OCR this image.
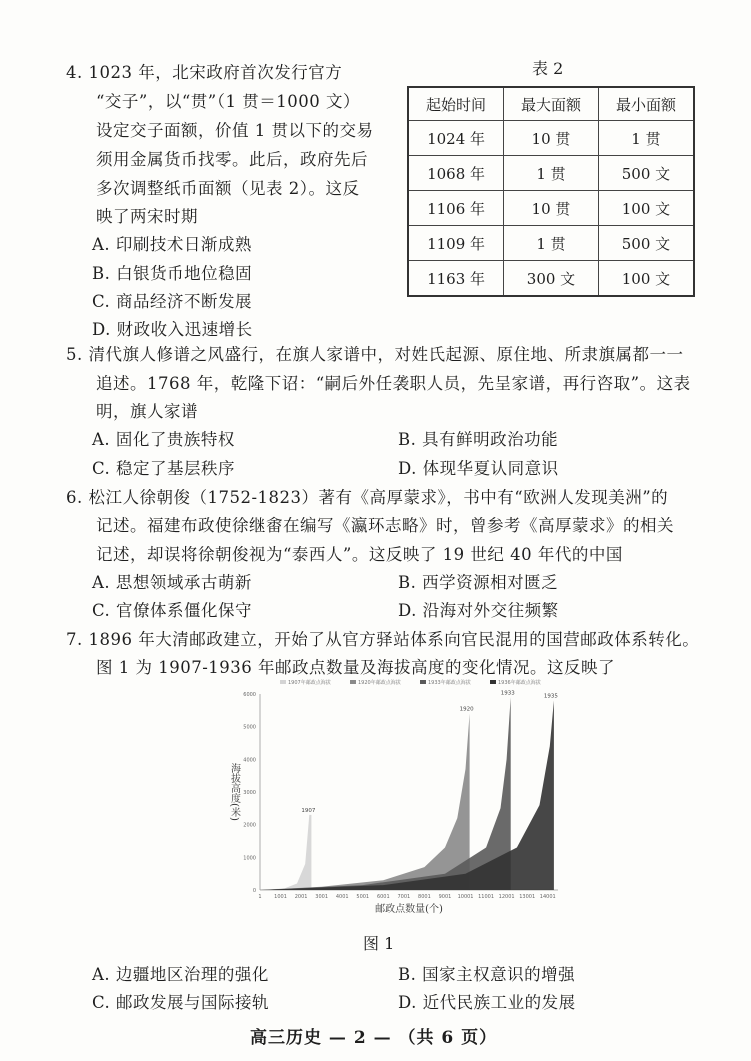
4. 1023 年，北宋政府首次发行官方
“交子”，以“贯”（1 贯＝1000 文）
设定交子面额，价值 1 贯以下的交易
须用金属货币找零。此后，政府先后
多次调整纸币面额（见表 2）。这反
映了两宋时期
A. 印刷技术日渐成熟
B. 白银货币地位稳固
C. 商品经济不断发展
D. 财政收入迅速增长
表 2
起始时间	最大面额	最小面额
1024 年	10 贯	1 贯
1068 年	1 贯	500 文
1106 年	10 贯	100 文
1109 年	1 贯	500 文
1163 年	300 文	100 文
5. 清代旗人修谱之风盛行，在旗人家谱中，对姓氏起源、原住地、所隶旗属都一一
追述。1768 年，乾隆下诏：“嗣后外任袭职人员，先呈家谱，再行咨取”。这表
明，旗人家谱
A. 固化了贵族特权	B. 具有鲜明政治功能
C. 稳定了基层秩序	D. 体现华夏认同意识
6. 松江人徐朝俊（1752-1823）著有《高厚蒙求》，书中有“欧洲人发现美洲”的
记述。福建布政使徐继畬在编写《瀛环志略》时，曾参考《高厚蒙求》的相关
记述，却误将徐朝俊视为“泰西人”。这反映了 19 世纪 40 年代的中国
A. 思想领域承古萌新	B. 西学资源相对匮乏
C. 官僚体系僵化保守	D. 沿海对外交往频繁
7. 1896 年大清邮政建立，开始了从官方驿站体系向官民混用的国营邮政体系转化。
图 1 为 1907-1936 年邮政点数量及海拔高度的变化情况。这反映了
0
1000
2000
3000
4000
5000
6000
1	1001 2001 3001 4001 5001 6001 7001 8001 9001 10001 11001 12001 13001 14001
1907
1920
1933
1935
1907年邮政点海拔	1920年邮政点海拔	1933年邮政点海拔	1936年邮政点海拔
海拔高度(米)
邮政点数量(个)
图 1
A. 边疆地区治理的强化	B. 国家主权意识的增强
C. 邮政发展与国际接轨	D. 近代民族工业的发展
高三历史 — 2 — （共 6 页）
